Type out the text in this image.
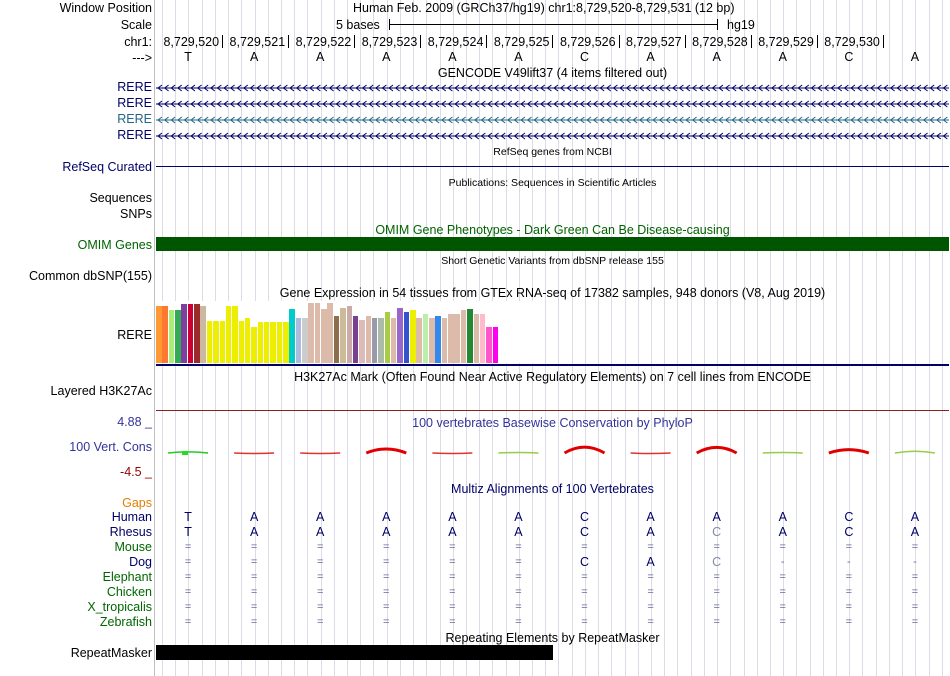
Window Position
Scale
chr1:
--->
Human Feb. 2009 (GRCh37/hg19) chr1:8,729,520-8,729,531 (12 bp)
5 bases	hg19
8,729,520 8,729,521 8,729,522 8,729,523 8,729,524 8,729,525 8,729,526 8,729,527 8,729,528 8,729,529 8,729,530
T	A	A	A	A	A	C	A	A	A	C	A
GENCODE V49lift37 (4 items filtered out)
RERE
RERE
RERE
RERE
RefSeq Curated
RefSeq genes from NCBI
Publications: Sequences in Scientific Articles
Sequences
SNPs
OMIM Gene Phenotypes - Dark Green Can Be Disease-causing
OMIM Genes
Short Genetic Variants from dbSNP release 155
Common dbSNP(155)
Gene Expression in 54 tissues from GTEx RNA-seq of 17382 samples, 948 donors (V8, Aug 2019)
RERE
H3K27Ac Mark (Often Found Near Active Regulatory Elements) on 7 cell lines from ENCODE
Layered H3K27Ac
100 vertebrates Basewise Conservation by PhyloP
4.88 _
100 Vert. Cons
-4.5 _
Multiz Alignments of 100 Vertebrates
Gaps
Human	T	A	A	A	A	A	C	A	A	A	C	A
Rhesus	T	A	A	A	A	A	C	A	C	A	C	A
Mouse	=	=	=	=	=	=	=	=	=	=	=	=
Dog	=	=	=	=	=	=	C	A	C	-	-	-
Elephant	=	=	=	=	=	=	=	=	=	=	=	=
Chicken	=	=	=	=	=	=	=	=	=	=	=	=
X_tropicalis	=	=	=	=	=	=	=	=	=	=	=	=
Zebrafish	=	=	=	=	=	=	=	=	=	=	=	=
Repeating Elements by RepeatMasker
RepeatMasker
